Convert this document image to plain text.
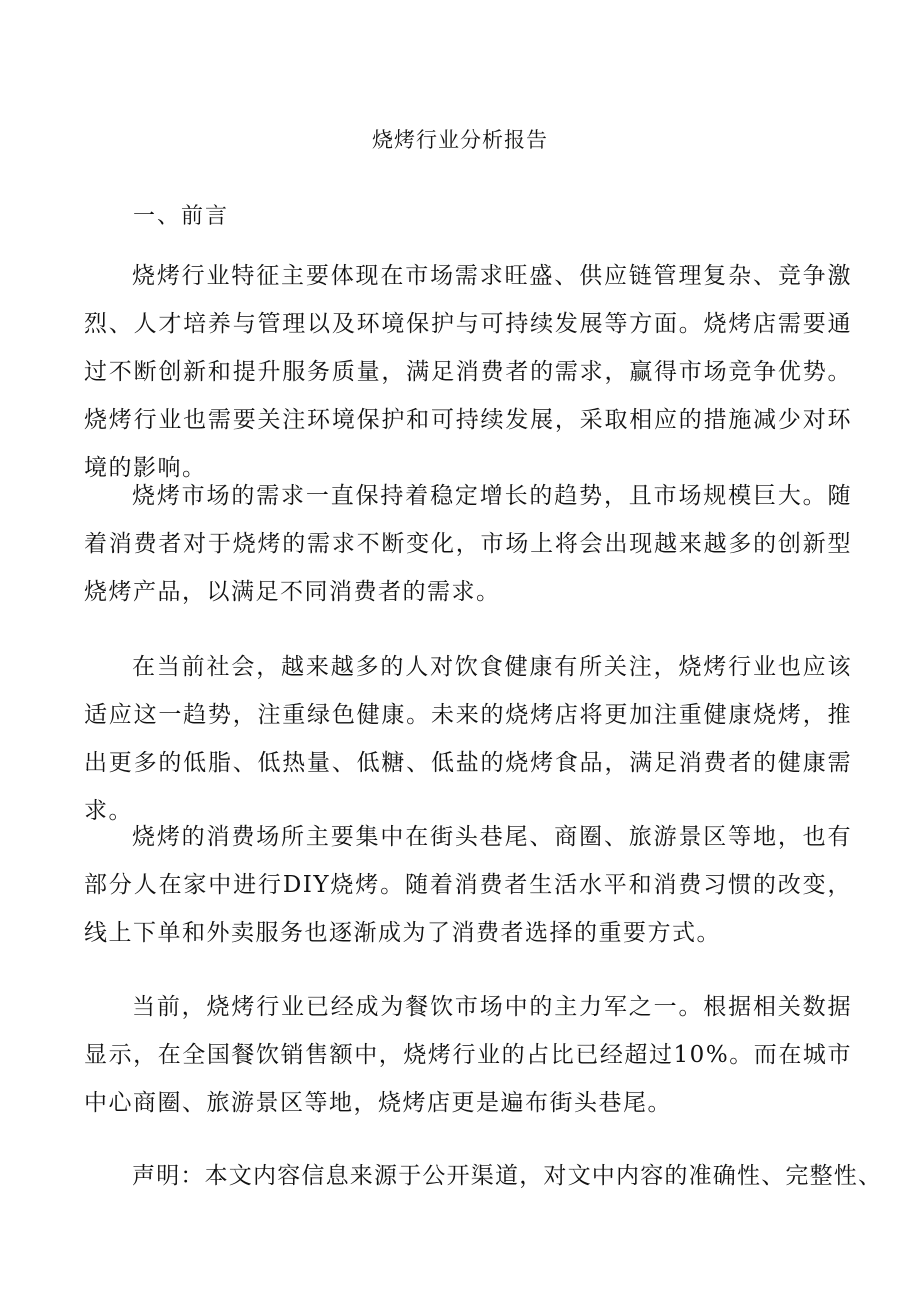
烧烤行业分析报告
一、前言
烧烤行业特征主要体现在市场需求旺盛、供应链管理复杂、竞争激烈、人才培养与管理以及环境保护与可持续发展等方面。烧烤店需要通过不断创新和提升服务质量，满足消费者的需求，赢得市场竞争优势。烧烤行业也需要关注环境保护和可持续发展，采取相应的措施减少对环境的影响。
烧烤市场的需求一直保持着稳定增长的趋势，且市场规模巨大。随着消费者对于烧烤的需求不断变化，市场上将会出现越来越多的创新型烧烤产品，以满足不同消费者的需求。
在当前社会，越来越多的人对饮食健康有所关注，烧烤行业也应该适应这一趋势，注重绿色健康。未来的烧烤店将更加注重健康烧烤，推出更多的低脂、低热量、低糖、低盐的烧烤食品，满足消费者的健康需求。
烧烤的消费场所主要集中在街头巷尾、商圈、旅游景区等地，也有部分人在家中进行DIY烧烤。随着消费者生活水平和消费习惯的改变，线上下单和外卖服务也逐渐成为了消费者选择的重要方式。
当前，烧烤行业已经成为餐饮市场中的主力军之一。根据相关数据显示，在全国餐饮销售额中，烧烤行业的占比已经超过10%。而在城市中心商圈、旅游景区等地，烧烤店更是遍布街头巷尾。
声明：本文内容信息来源于公开渠道，对文中内容的准确性、完整性、
